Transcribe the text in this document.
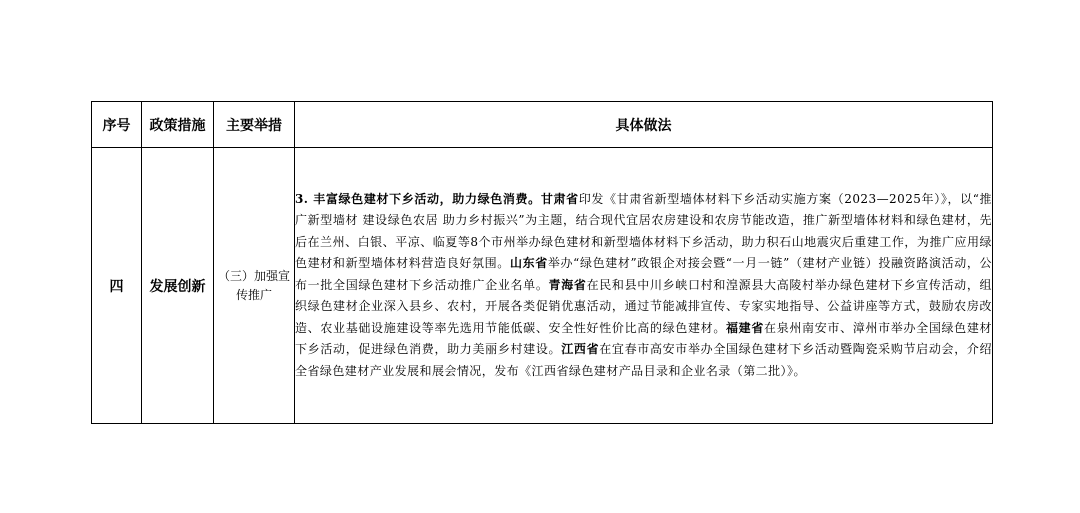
序号	政策措施	主要举措	具体做法
四	发展创新	（三）加强宣传推广	3. 丰富绿色建材下乡活动，助力绿色消费。甘肃省印发《甘肃省新型墙体材料下乡活动实施方案（2023—2025年）》，以“推广新型墙材 建设绿色农居 助力乡村振兴”为主题，结合现代宜居农房建设和农房节能改造，推广新型墙体材料和绿色建材，先后在兰州、白银、平凉、临夏等8个市州举办绿色建材和新型墙体材料下乡活动，助力积石山地震灾后重建工作，为推广应用绿色建材和新型墙体材料营造良好氛围。山东省举办“绿色建材”政银企对接会暨“一月一链”（建材产业链）投融资路演活动，公布一批全国绿色建材下乡活动推广企业名单。青海省在民和县中川乡峡口村和湟源县大高陵村举办绿色建材下乡宣传活动，组织绿色建材企业深入县乡、农村，开展各类促销优惠活动，通过节能减排宣传、专家实地指导、公益讲座等方式，鼓励农房改造、农业基础设施建设等率先选用节能低碳、安全性好性价比高的绿色建材。福建省在泉州南安市、漳州市举办全国绿色建材下乡活动，促进绿色消费，助力美丽乡村建设。江西省在宜春市高安市举办全国绿色建材下乡活动暨陶瓷采购节启动会，介绍全省绿色建材产业发展和展会情况，发布《江西省绿色建材产品目录和企业名录（第二批）》。
